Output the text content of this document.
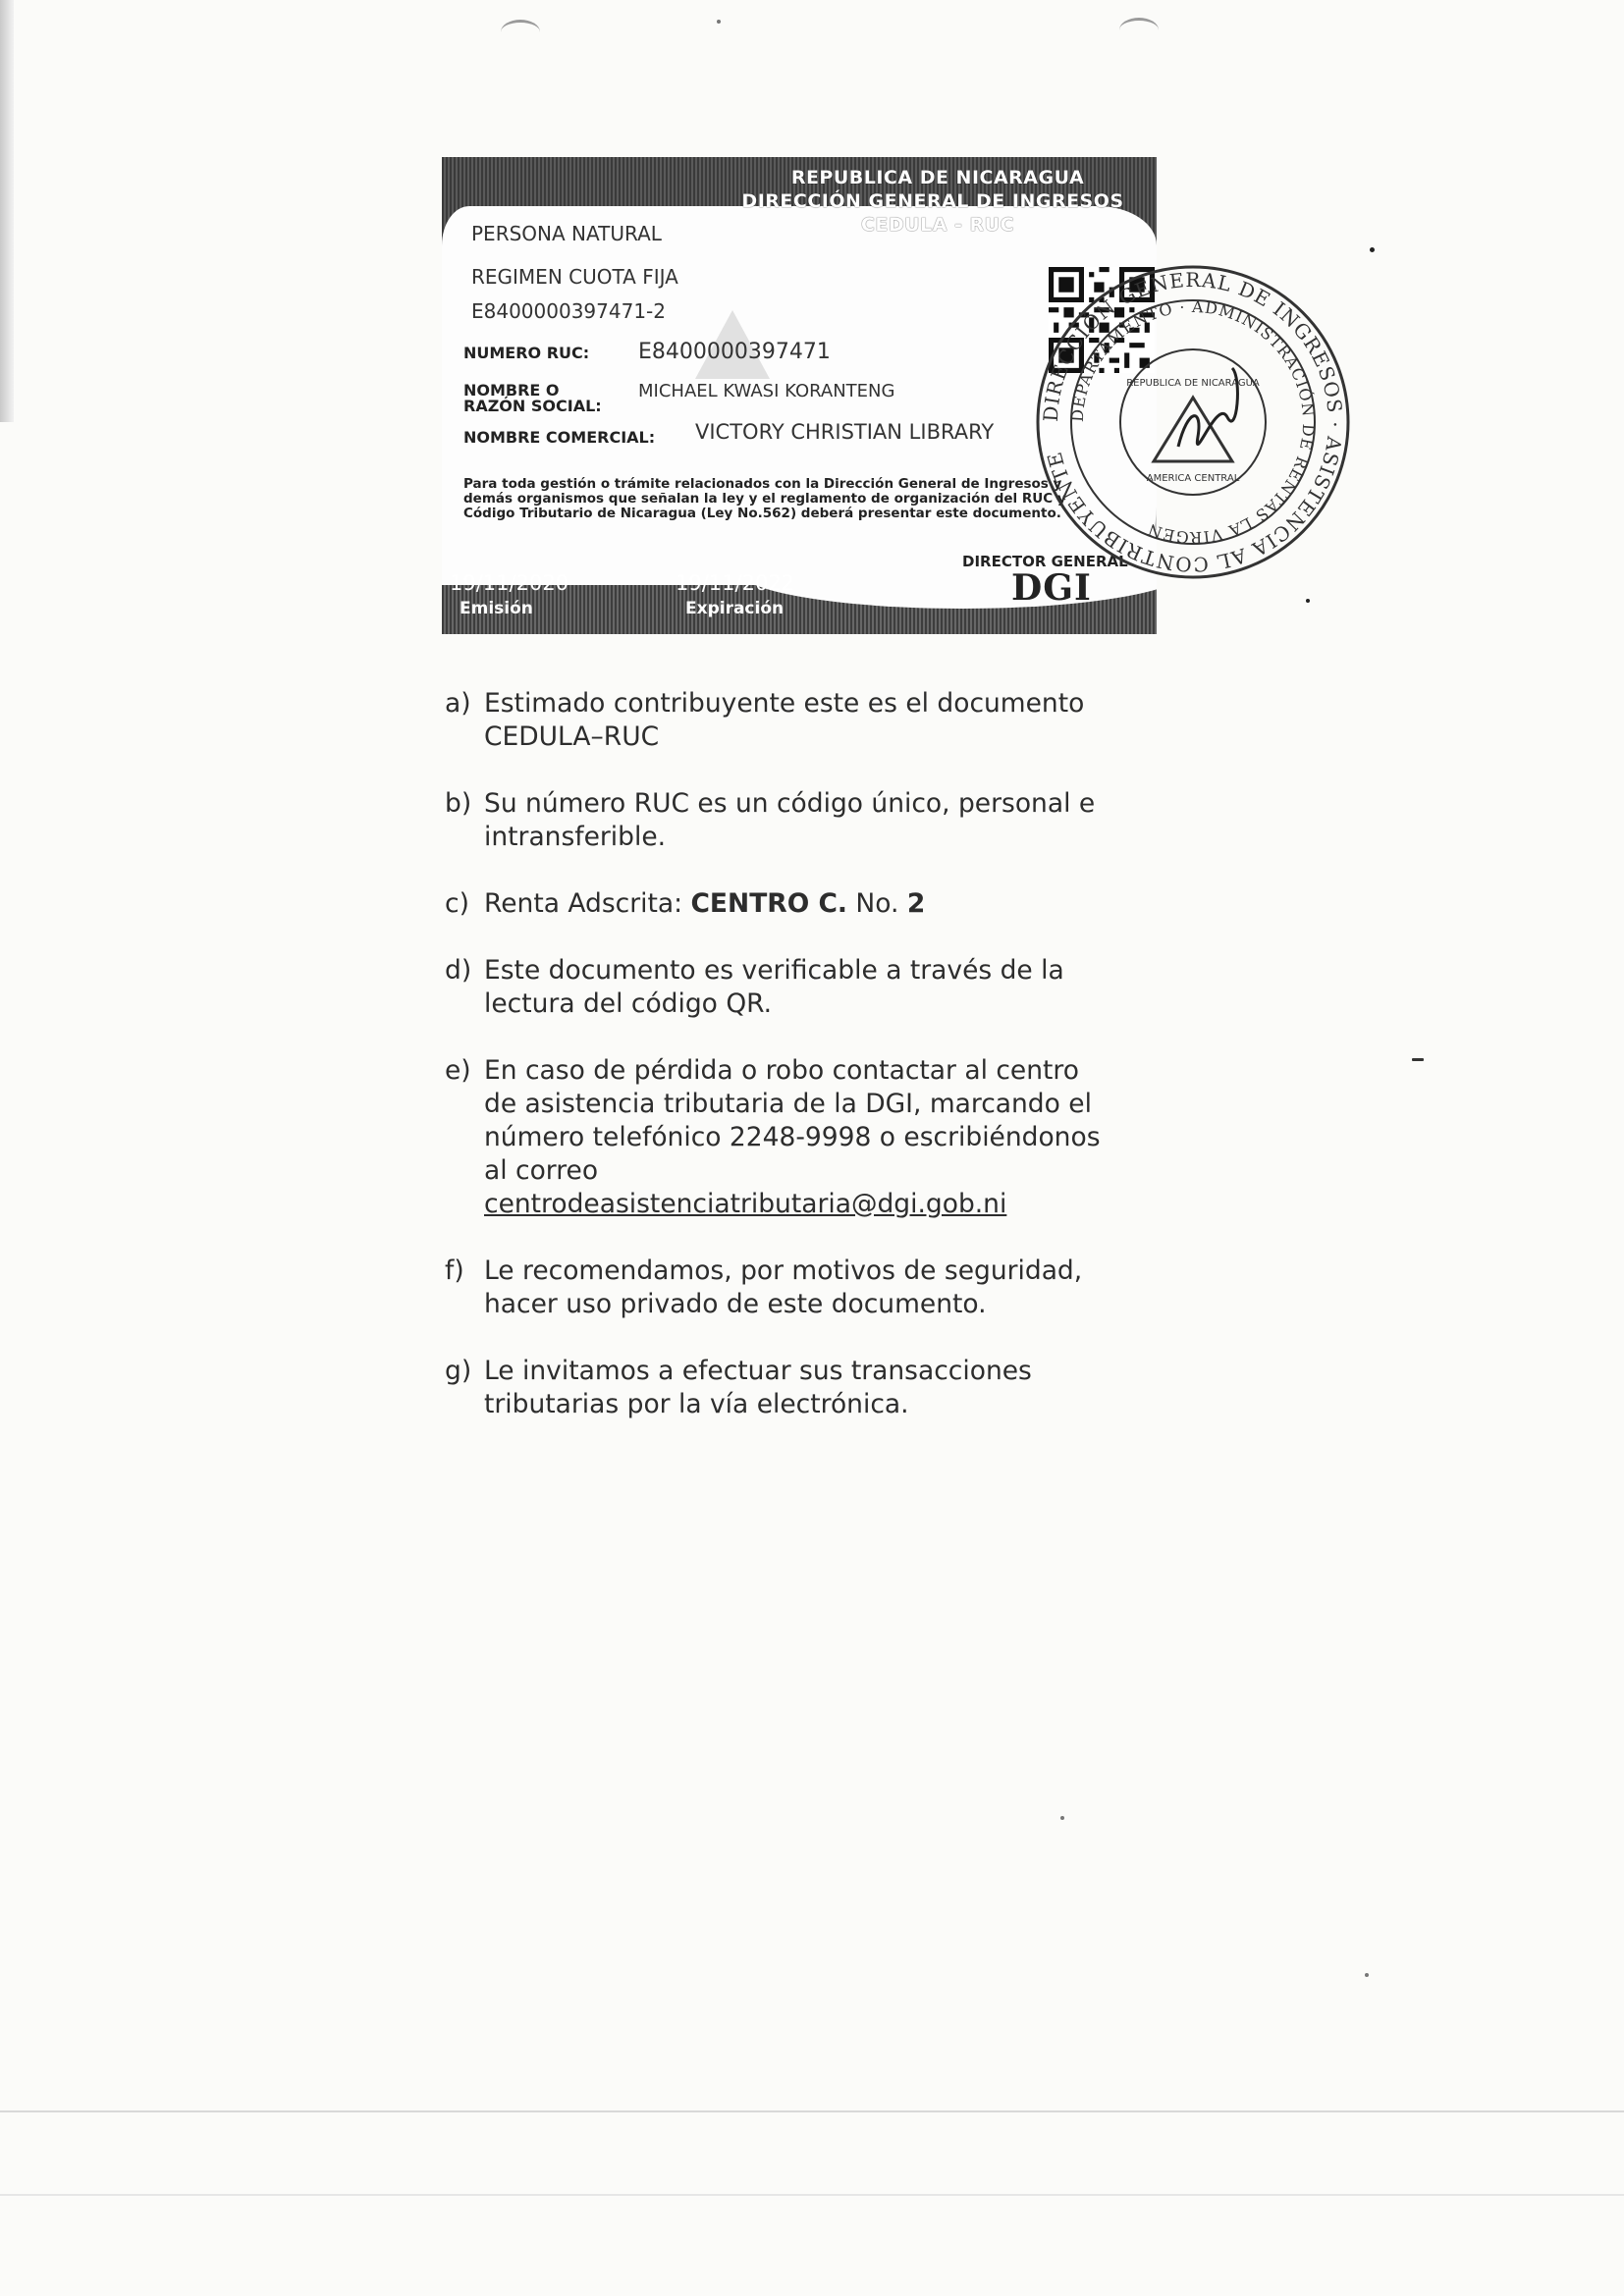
REPUBLICA DE NICARAGUA
DIRECCIÓN GENERAL DE INGRESOS
CEDULA - RUC
PERSONA NATURAL
REGIMEN CUOTA FIJA
E8400000397471-2
NUMERO RUC: E8400000397471
NOMBRE O
RAZÓN SOCIAL:
MICHAEL KWASI KORANTENG
NOMBRE COMERCIAL: VICTORY CHRISTIAN LIBRARY
Para toda gestión o trámite relacionados con la Dirección General de Ingresos y demás organismos que señalan la ley y el reglamento de organización del RUC y Código Tributario de Nicaragua (Ley No.562) deberá presentar este documento.
DIRECTOR GENERAL
DGI
19/11/2020
Emisión
19/11/2022
Expiración
DIRECCIÓN GENERAL DE INGRESOS · ASISTENCIA AL CONTRIBUYENTE
DEPARTAMENTO · ADMINISTRACIÓN DE RENTAS LA VIRGEN
REPUBLICA DE NICARAGUA
AMERICA CENTRAL
a) Estimado contribuyente este es el documento
CEDULA–RUC
b) Su número RUC es un código único, personal e
intransferible.
c) Renta Adscrita: CENTRO C. No. 2
d) Este documento es verificable a través de la
lectura del código QR.
e) En caso de pérdida o robo contactar al centro
de asistencia tributaria de la DGI, marcando el
número telefónico 2248-9998 o escribiéndonos
al correo
centrodeasistenciatributaria@dgi.gob.ni
f) Le recomendamos, por motivos de seguridad,
hacer uso privado de este documento.
g) Le invitamos a efectuar sus transacciones
tributarias por la vía electrónica.
